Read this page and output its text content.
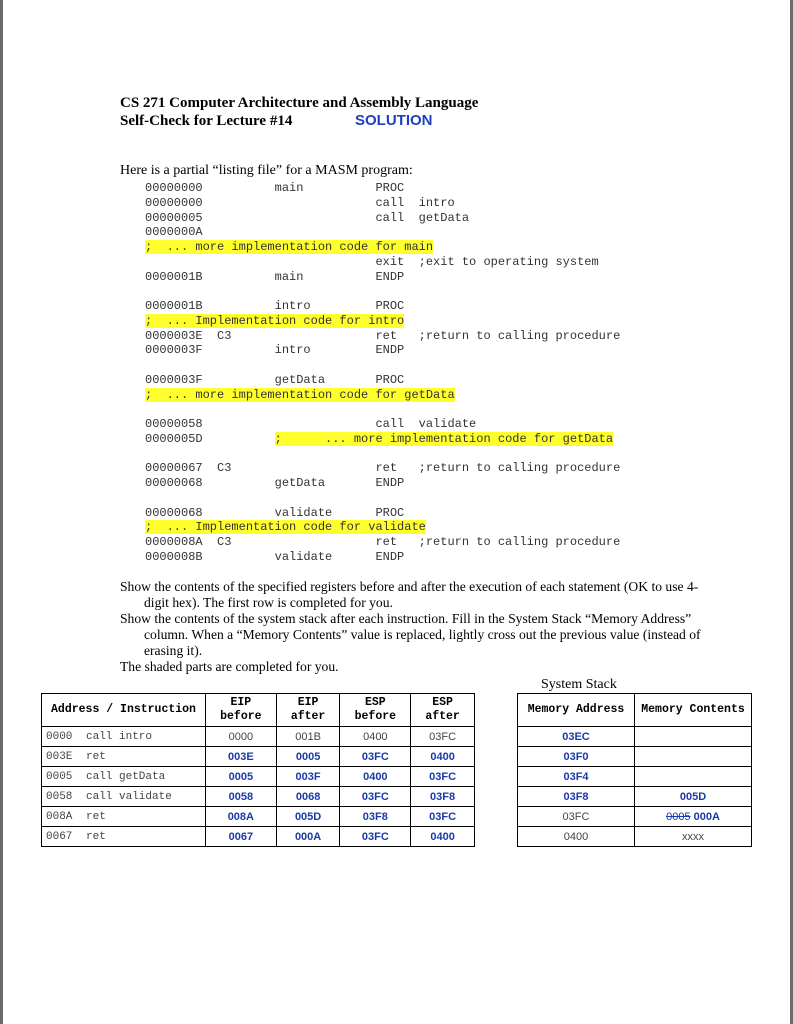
CS 271 Computer Architecture and Assembly Language
Self-Check for Lecture #14	SOLUTION
Here is a partial “listing file” for a MASM program:
00000000          main          PROC
00000000                        call  intro
00000005                        call  getData
0000000A
;  ... more implementation code for main
exit  ;exit to operating system
0000001B          main          ENDP
0000001B          intro         PROC
;  ... Implementation code for intro
0000003E  C3                    ret   ;return to calling procedure
0000003F          intro         ENDP
0000003F          getData       PROC
;  ... more implementation code for getData
00000058                        call  validate
0000005D          ;      ... more implementation code for getData
00000067  C3                    ret   ;return to calling procedure
00000068          getData       ENDP
00000068          validate      PROC
;  ... Implementation code for validate
0000008A  C3                    ret   ;return to calling procedure
0000008B          validate      ENDP

Show the contents of the specified registers before and after the execution of each statement (OK to use 4-digit hex). The first row is completed for you.

Show the contents of the system stack after each instruction. Fill in the System Stack “Memory Address” column. When a “Memory Contents” value is replaced, lightly cross out the previous value (instead of erasing it).

The shaded parts are completed for you.

Address / Instruction	EIP before	EIP after	ESP before	ESP after
0000 call intro	0000	001B	0400	03FC
003E ret	003E	0005	03FC	0400
0005 call getData	0005	003F	0400	03FC
0058 call validate	0058	0068	03FC	03F8
008A ret	008A	005D	03F8	03FC
0067 ret	0067	000A	03FC	0400
System Stack
Memory Address	Memory Contents
03EC	
03F0	
03F4	
03F8	005D
03FC	0005 000A
0400	xxxx
